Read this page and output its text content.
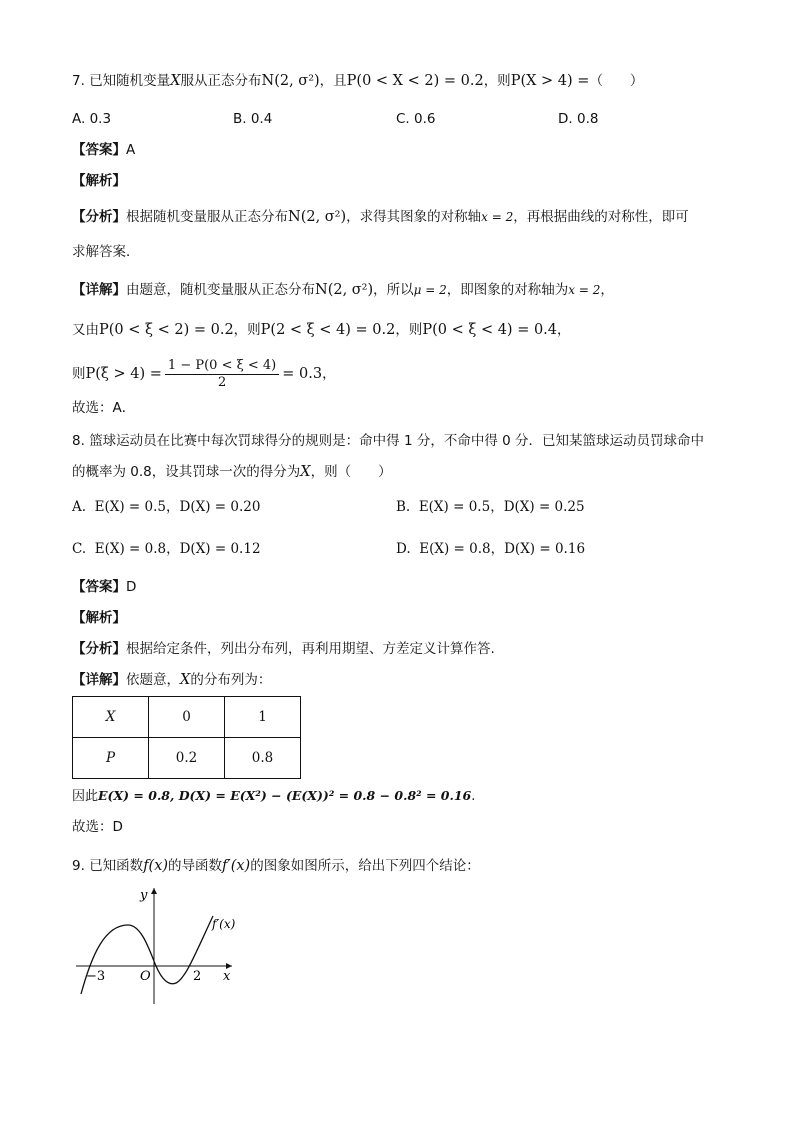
7. 已知随机变量X服从正态分布N(2, σ²)，且P(0 < X < 2) = 0.2，则P(X > 4) =（　　）
A. 0.3	B. 0.4	C. 0.6	D. 0.8
【答案】A
【解析】
【分析】根据随机变量服从正态分布N(2, σ²)，求得其图象的对称轴x = 2，再根据曲线的对称性，即可
求解答案．
【详解】由题意，随机变量服从正态分布N(2, σ²)，所以μ = 2，即图象的对称轴为x = 2，
又由P(0 < ξ < 2) = 0.2，则P(2 < ξ < 4) = 0.2，则P(0 < ξ < 4) = 0.4，
则$P(\xi > 4) = \frac{1 - P(0 < \xi < 4)}{2} = 0.3$，
故选：A．
8. 篮球运动员在比赛中每次罚球得分的规则是：命中得 1 分，不命中得 0 分．已知某篮球运动员罚球命中
的概率为 0.8，设其罚球一次的得分为X，则（　　）
A. E(X) = 0.5，D(X) = 0.20	B. E(X) = 0.5，D(X) = 0.25
C. E(X) = 0.8，D(X) = 0.12	D. E(X) = 0.8，D(X) = 0.16
【答案】D
【解析】
【分析】根据给定条件，列出分布列，再利用期望、方差定义计算作答.
【详解】依题意，X的分布列为：
X	0	1
P	0.2	0.8
因此E(X) = 0.8, D(X) = E(X²) − (E(X))² = 0.8 − 0.8² = 0.16.
故选：D
9. 已知函数f(x)的导函数f′(x)的图象如图所示，给出下列四个结论：
y
x
O
−3	2
f′(x)
